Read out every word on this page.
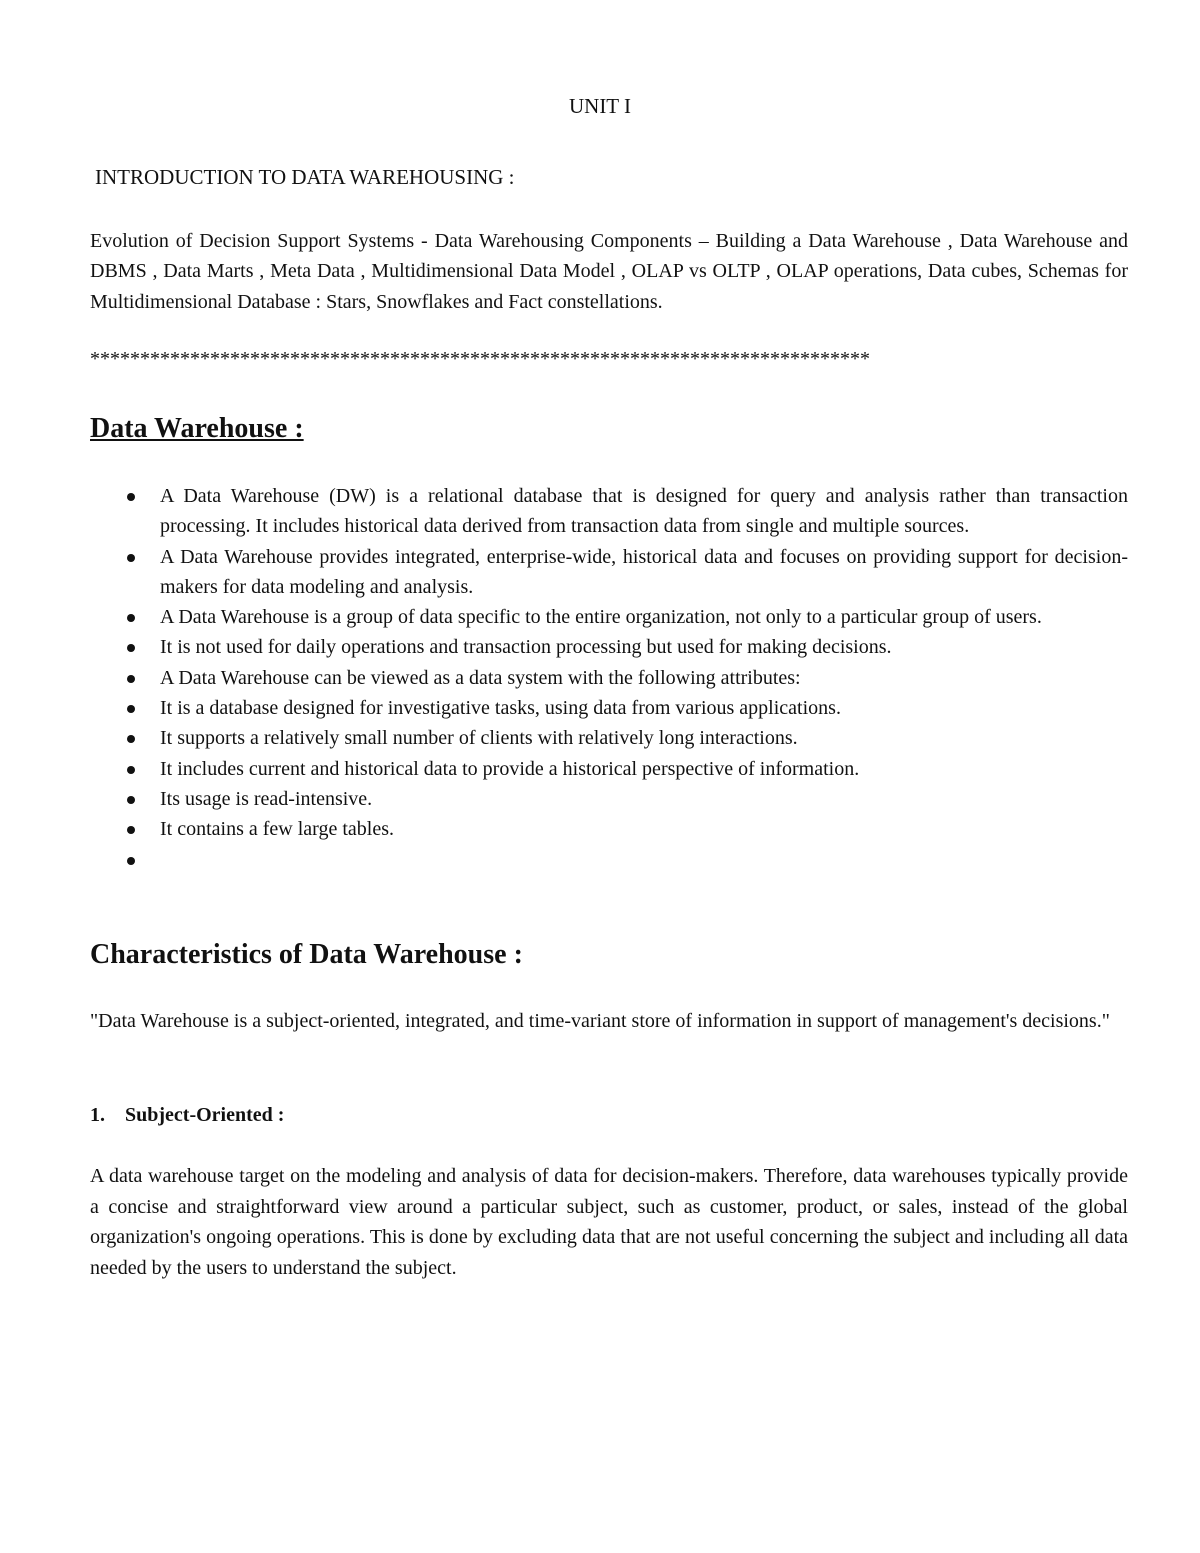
UNIT I
INTRODUCTION TO DATA WAREHOUSING :

Evolution of Decision Support Systems - Data Warehousing Components – Building a Data Warehouse , Data Warehouse and DBMS , Data Marts , Meta Data , Multidimensional Data Model , OLAP vs OLTP , OLAP operations, Data cubes, Schemas for Multidimensional Database : Stars, Snowflakes and Fact constellations.

******************************************************************************
Data Warehouse :
A Data Warehouse (DW) is a relational database that is designed for query and analysis rather than transaction processing. It includes historical data derived from transaction data from single and multiple sources.
A Data Warehouse provides integrated, enterprise-wide, historical data and focuses on providing support for decision-makers for data modeling and analysis.
A Data Warehouse is a group of data specific to the entire organization, not only to a particular group of users.
It is not used for daily operations and transaction processing but used for making decisions.
A Data Warehouse can be viewed as a data system with the following attributes:
It is a database designed for investigative tasks, using data from various applications.
It supports a relatively small number of clients with relatively long interactions.
It includes current and historical data to provide a historical perspective of information.
Its usage is read-intensive.
It contains a few large tables.
Characteristics of Data Warehouse :

"Data Warehouse is a subject-oriented, integrated, and time-variant store of information in support of management's decisions."

1. Subject-Oriented :

A data warehouse target on the modeling and analysis of data for decision-makers. Therefore, data warehouses typically provide a concise and straightforward view around a particular subject, such as customer, product, or sales, instead of the global organization's ongoing operations. This is done by excluding data that are not useful concerning the subject and including all data needed by the users to understand the subject.
